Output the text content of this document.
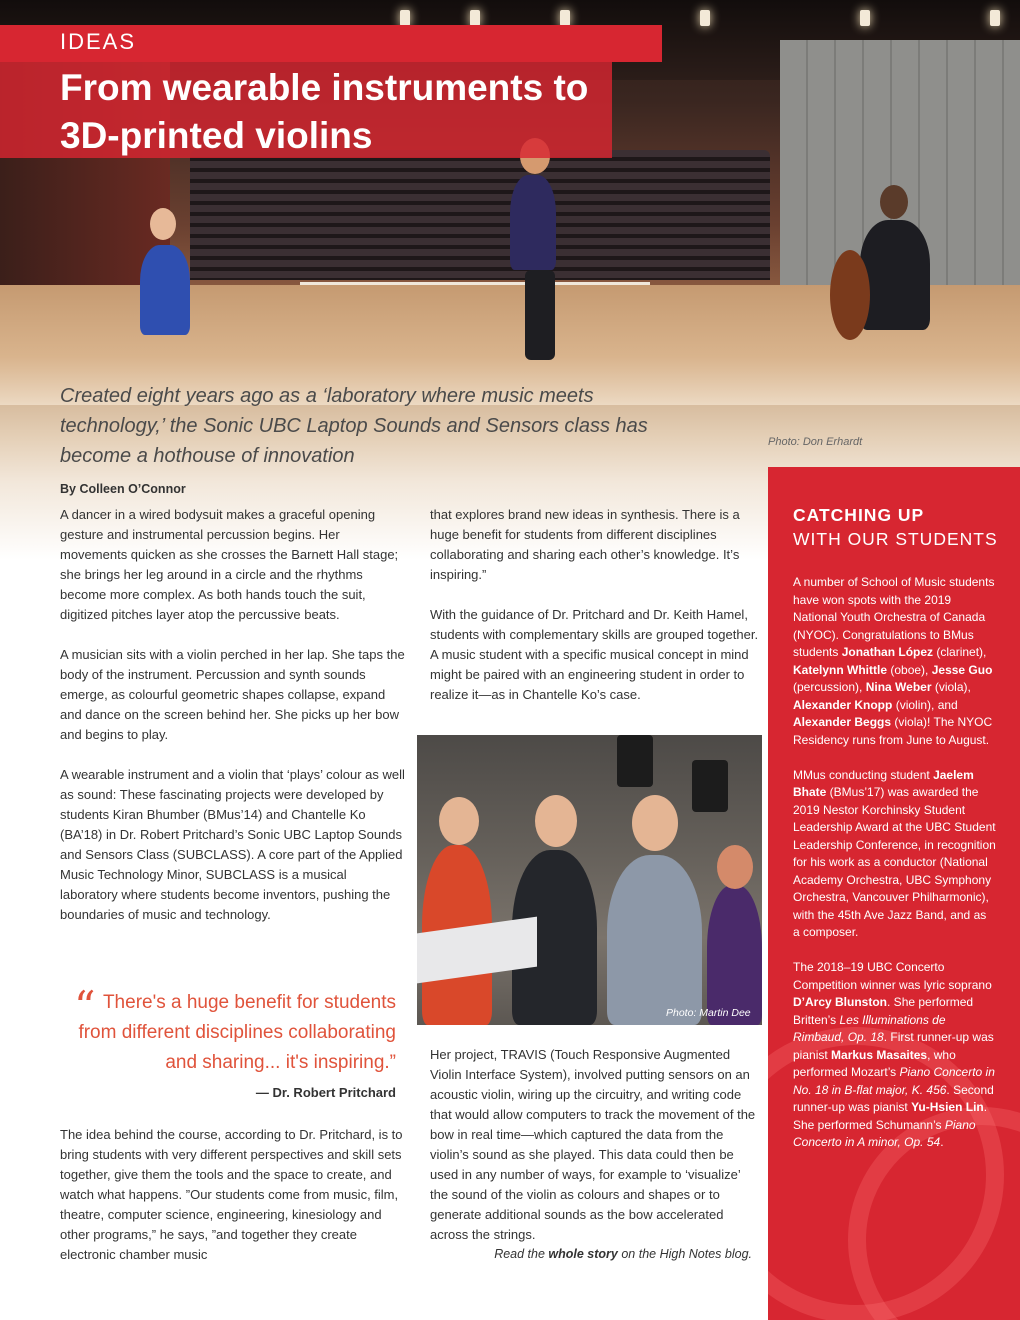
IDEAS
From wearable instruments to 3D-printed violins
Created eight years ago as a ‘laboratory where music meets technology,’ the Sonic UBC Laptop Sounds and Sensors class has become a hothouse of innovation
Photo: Don Erhardt
By Colleen O’Connor

A dancer in a wired bodysuit makes a graceful opening gesture and instrumental percussion begins. Her movements quicken as she crosses the Barnett Hall stage; she brings her leg around in a circle and the rhythms become more complex. As both hands touch the suit, digitized pitches layer atop the percussive beats.

A musician sits with a violin perched in her lap. She taps the body of the instrument. Percussion and synth sounds emerge, as colourful geometric shapes collapse, expand and dance on the screen behind her. She picks up her bow and begins to play.

A wearable instrument and a violin that ‘plays’ colour as well as sound: These fascinating projects were developed by students Kiran Bhumber (BMus’14) and Chantelle Ko (BA’18) in Dr. Robert Pritchard’s Sonic UBC Laptop Sounds and Sensors Class (SUBCLASS). A core part of the Applied Music Technology Minor, SUBCLASS is a musical laboratory where students become inventors, pushing the boundaries of music and technology.

“ There's a huge benefit for students from different disciplines collaborating and sharing... it's inspiring.”
— Dr. Robert Pritchard

The idea behind the course, according to Dr. Pritchard, is to bring students with very different perspectives and skill sets together, give them the tools and the space to create, and watch what happens. ”Our students come from music, film, theatre, computer science, engineering, kinesiology and other programs,” he says, ”and together they create electronic chamber music

that explores brand new ideas in synthesis. There is a huge benefit for students from different disciplines collaborating and sharing each other’s knowledge. It’s inspiring.”

With the guidance of Dr. Pritchard and Dr. Keith Hamel, students with complementary skills are grouped together. A music student with a specific musical concept in mind might be paired with an engineering student in order to realize it—as in Chantelle Ko’s case.

Photo: Martin Dee

Her project, TRAVIS (Touch Responsive Augmented Violin Interface System), involved putting sensors on an acoustic violin, wiring up the circuitry, and writing code that would allow computers to track the movement of the bow in real time—which captured the data from the violin’s sound as she played. This data could then be used in any number of ways, for example to ‘visualize’ the sound of the violin as colours and shapes or to generate additional sounds as the bow accelerated across the strings.

Read the whole story on the High Notes blog.
CATCHING UP
WITH OUR STUDENTS

A number of School of Music students have won spots with the 2019 National Youth Orchestra of Canada (NYOC). Congratulations to BMus students Jonathan López (clarinet), Katelynn Whittle (oboe), Jesse Guo (percussion), Nina Weber (viola), Alexander Knopp (violin), and Alexander Beggs (viola)! The NYOC Residency runs from June to August.

MMus conducting student Jaelem Bhate (BMus’17) was awarded the 2019 Nestor Korchinsky Student Leadership Award at the UBC Student Leadership Conference, in recognition for his work as a conductor (National Academy Orchestra, UBC Symphony Orchestra, Vancouver Philharmonic), with the 45th Ave Jazz Band, and as a composer.

The 2018–19 UBC Concerto Competition winner was lyric soprano D’Arcy Blunston. She performed Britten’s Les Illuminations de Rimbaud, Op. 18. First runner-up was pianist Markus Masaites, who performed Mozart’s Piano Concerto in No. 18 in B-flat major, K. 456. Second runner-up was pianist Yu-Hsien Lin. She performed Schumann’s Piano Concerto in A minor, Op. 54.
